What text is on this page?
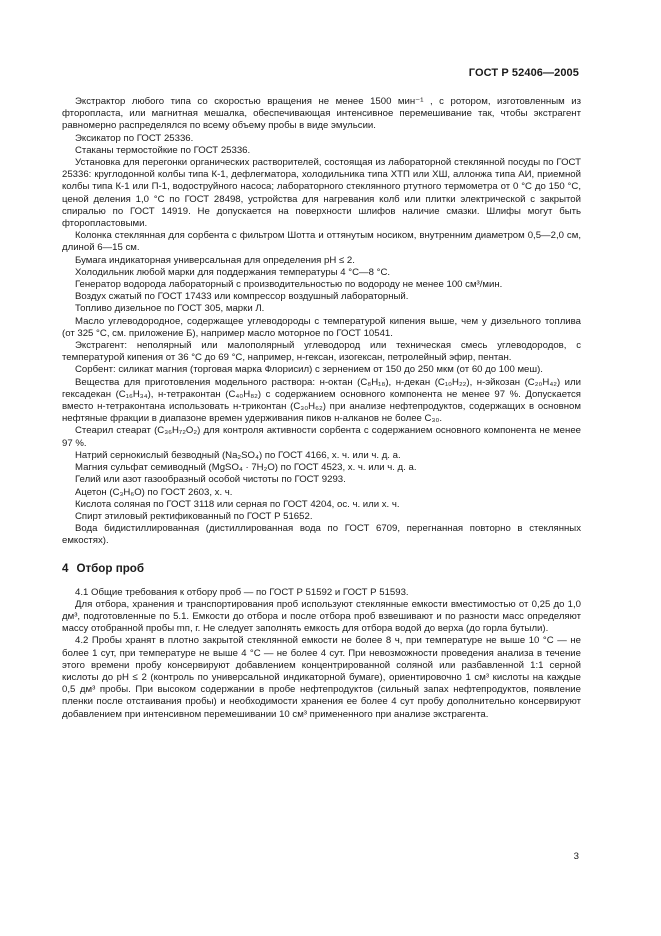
ГОСТ Р 52406—2005

Экстрактор любого типа со скоростью вращения не менее 1500 мин⁻¹ , с ротором, изготовленным из фторопласта, или магнитная мешалка, обеспечивающая интенсивное перемешивание так, чтобы экстрагент равномерно распределялся по всему объему пробы в виде эмульсии.

Эксикатор по ГОСТ 25336.

Стаканы термостойкие по ГОСТ 25336.

Установка для перегонки органических растворителей, состоящая из лабораторной стеклянной посуды по ГОСТ 25336: круглодонной колбы типа К-1, дефлегматора, холодильника типа ХТП или ХШ, аллонжа типа АИ, приемной колбы типа К-1 или П-1, водоструйного насоса; лабораторного стеклянного ртутного термометра от 0 °С до 150 °С, ценой деления 1,0 °С по ГОСТ 28498, устройства для нагревания колб или плитки электрической с закрытой спиралью по ГОСТ 14919. Не допускается на поверхности шлифов наличие смазки. Шлифы могут быть фторопластовыми.

Колонка стеклянная для сорбента с фильтром Шотта и оттянутым носиком, внутренним диаметром 0,5—2,0 см, длиной 6—15 см.

Бумага индикаторная универсальная для определения рН ≤ 2.

Холодильник любой марки для поддержания температуры 4 °С—8 °С.

Генератор водорода лабораторный с производительностью по водороду не менее 100 см³/мин.

Воздух сжатый по ГОСТ 17433 или компрессор воздушный лабораторный.

Топливо дизельное по ГОСТ 305, марки Л.

Масло углеводородное, содержащее углеводороды с температурой кипения выше, чем у дизельного топлива (от 325 °С, см. приложение Б), например масло моторное по ГОСТ 10541.

Экстрагент: неполярный или малополярный углеводород или техническая смесь углеводородов, с температурой кипения от 36 °С до 69 °С, например, н-гексан, изогексан, петролейный эфир, пентан.

Сорбент: силикат магния (торговая марка Флорисил) с зернением от 150 до 250 мкм (от 60 до 100 меш).

Вещества для приготовления модельного раствора: н-октан (C₈H₁₈), н-декан (C₁₀H₂₂), н-эйкозан (C₂₀H₄₂) или гексадекан (C₁₆H₃₄), н-тетраконтан (C₄₀H₈₂) с содержанием основного компонента не менее 97 %. Допускается вместо н-тетраконтана использовать н-триконтан (C₃₀H₆₂) при анализе нефтепродуктов, содержащих в основном нефтяные фракции в диапазоне времен удерживания пиков н-алканов не более C₃₀.

Стеарил стеарат (C₃₆H₇₂O₂) для контроля активности сорбента с содержанием основного компонента не менее 97 %.

Натрий сернокислый безводный (Na₂SO₄) по ГОСТ 4166, х. ч. или ч. д. а.

Магния сульфат семиводный (MgSO₄ · 7H₂O) по ГОСТ 4523, х. ч. или ч. д. а.

Гелий или азот газообразный особой чистоты по ГОСТ 9293.

Ацетон (C₃H₆O) по ГОСТ 2603, х. ч.

Кислота соляная по ГОСТ 3118 или серная по ГОСТ 4204, ос. ч. или х. ч.

Спирт этиловый ректификованный по ГОСТ Р 51652.

Вода бидистиллированная (дистиллированная вода по ГОСТ 6709, перегнанная повторно в стеклянных емкостях).

4 Отбор проб

4.1 Общие требования к отбору проб — по ГОСТ Р 51592 и ГОСТ Р 51593.

Для отбора, хранения и транспортирования проб используют стеклянные емкости вместимостью от 0,25 до 1,0 дм³, подготовленные по 5.1. Емкости до отбора и после отбора проб взвешивают и по разности масс определяют массу отобранной пробы mп, г. Не следует заполнять емкость для отбора водой до верха (до горла бутыли).

4.2 Пробы хранят в плотно закрытой стеклянной емкости не более 8 ч, при температуре не выше 10 °С — не более 1 сут, при температуре не выше 4 °С — не более 4 сут. При невозможности проведения анализа в течение этого времени пробу консервируют добавлением концентрированной соляной или разбавленной 1:1 серной кислоты до рН ≤ 2 (контроль по универсальной индикаторной бумаге), ориентировочно 1 см³ кислоты на каждые 0,5 дм³ пробы. При высоком содержании в пробе нефтепродуктов (сильный запах нефтепродуктов, появление пленки после отстаивания пробы) и необходимости хранения ее более 4 сут пробу дополнительно консервируют добавлением при интенсивном перемешивании 10 см³ примененного при анализе экстрагента.

3
